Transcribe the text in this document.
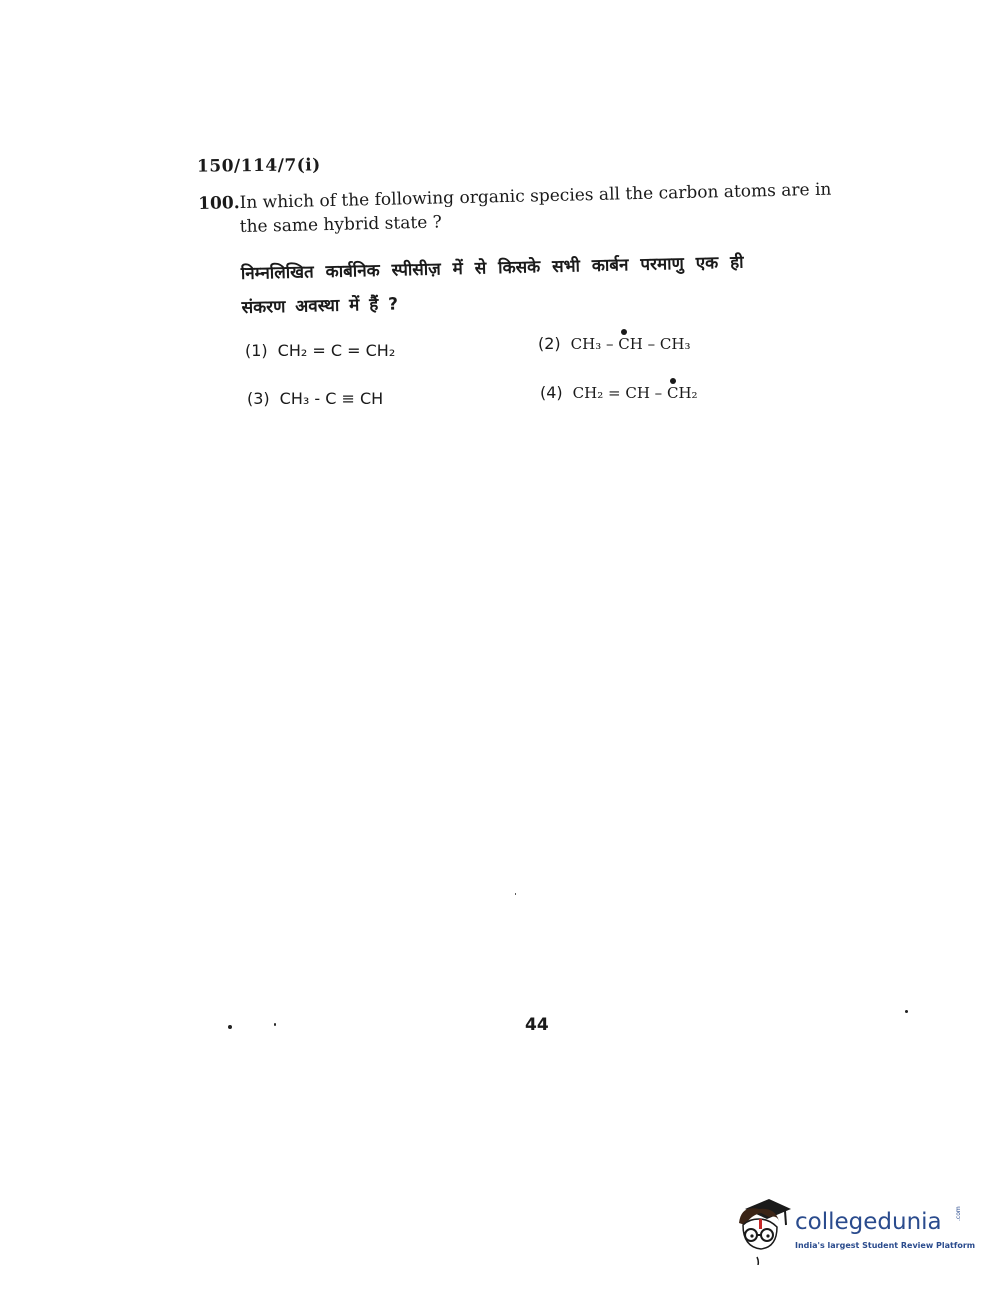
150/114/7(i)
100.In which of the following organic species all the carbon atoms are in
the same hybrid state ?
निम्नलिखित कार्बनिक स्पीसीज़ में से किसके सभी कार्बन परमाणु एक ही
संकरण अवस्था में हैं ?
(1) CH₂ = C = CH₂	(2) CH₃ – CH – CH₃
(3) CH₃ - C ≡ CH	(4) CH₂ = CH – CH₂
44
collegedunia .com
India's largest Student Review Platform
